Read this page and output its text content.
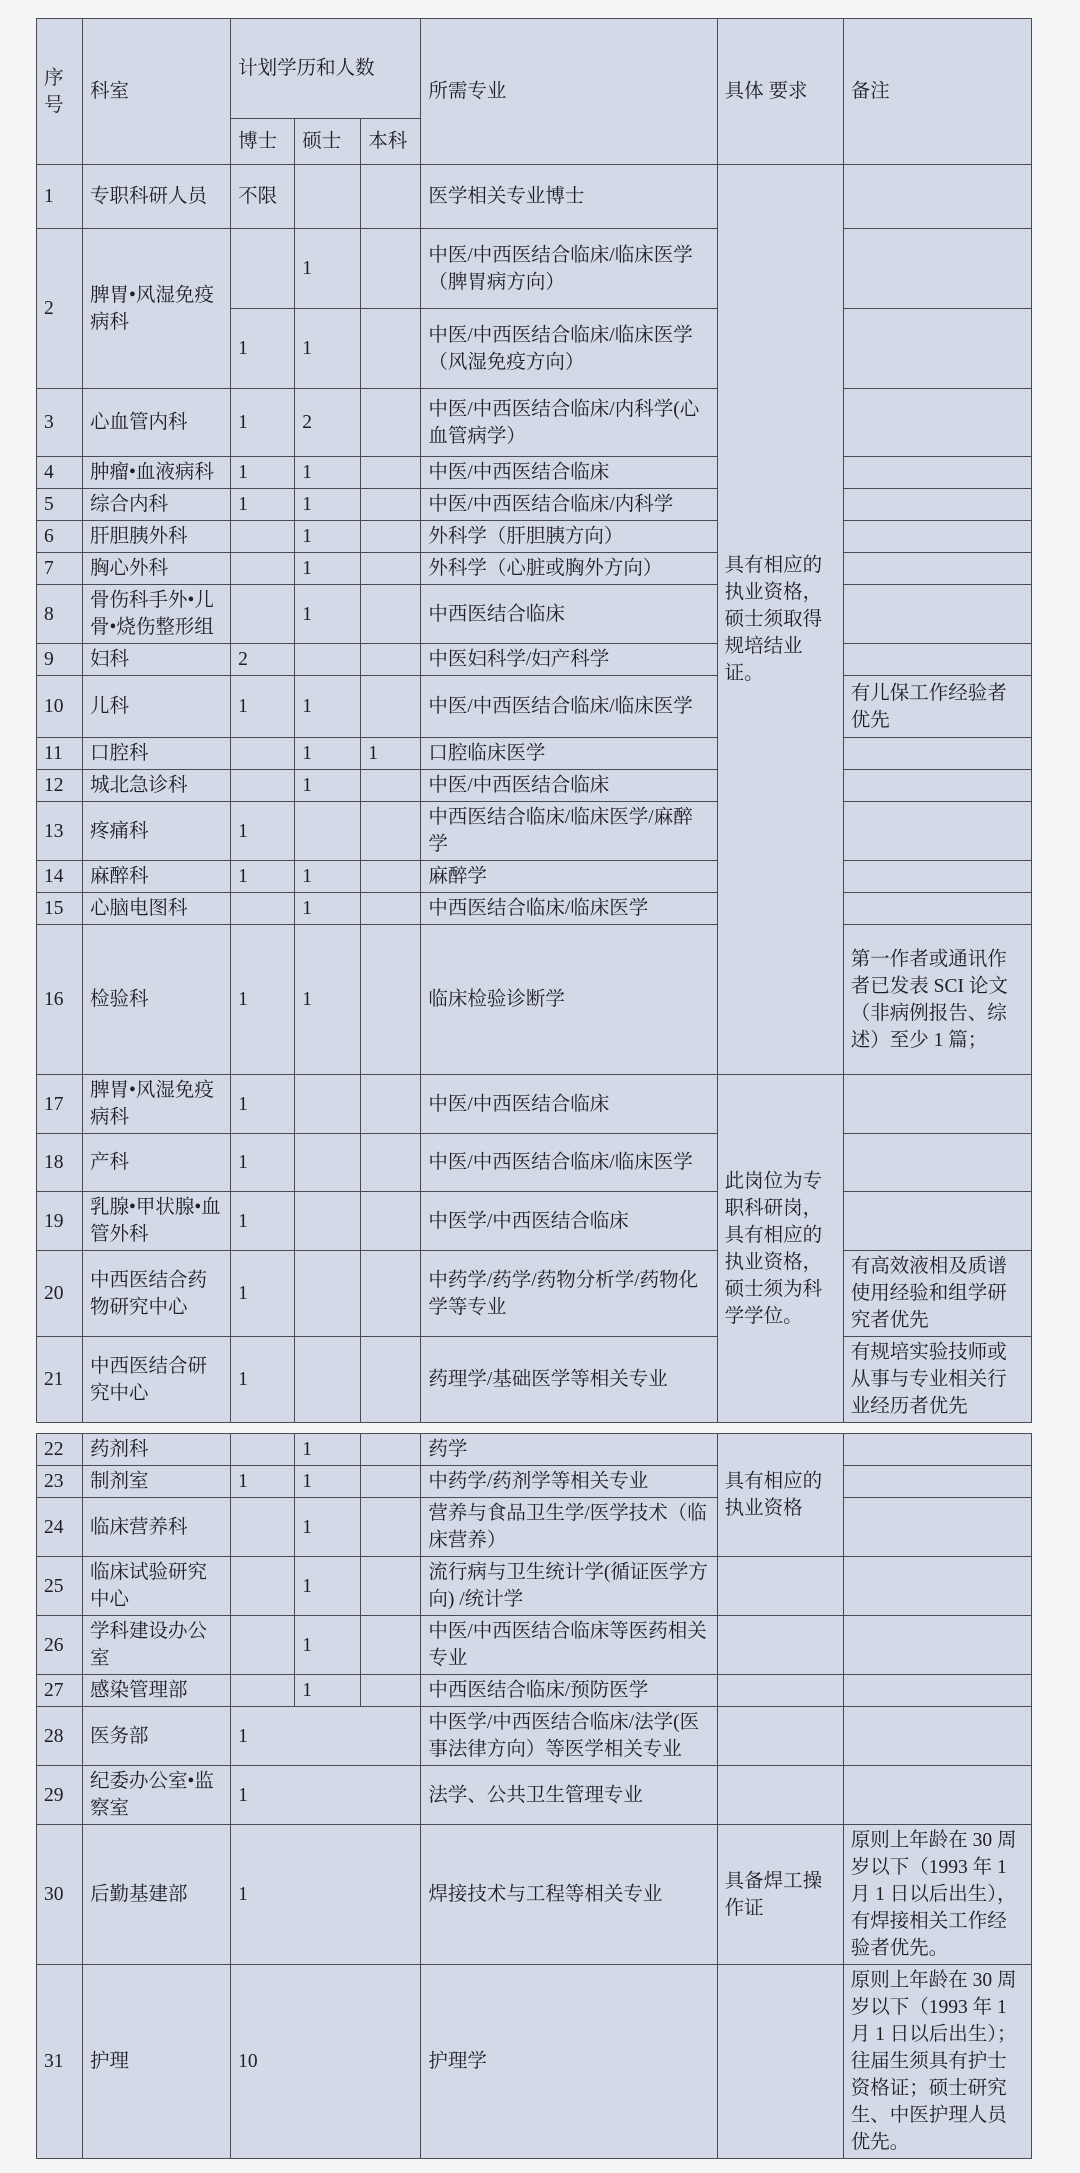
序号	科室	计划学历和人数			所需专业	具体 要求	备注
		博士	硕士	本科			
1	专职科研人员	不限			医学相关专业博士	具有相应的执业资格，硕士须取得规培结业证。	
2	脾胃•风湿免疫病科		1		中医/中西医结合临床/临床医学（脾胃病方向）		
		1	1		中医/中西医结合临床/临床医学（风湿免疫方向）		
3	心血管内科	1	2		中医/中西医结合临床/内科学(心血管病学）		
4	肿瘤•血液病科	1	1		中医/中西医结合临床		
5	综合内科	1	1		中医/中西医结合临床/内科学		
6	肝胆胰外科		1		外科学（肝胆胰方向）		
7	胸心外科		1		外科学（心脏或胸外方向）		
8	骨伤科手外•儿骨•烧伤整形组		1		中西医结合临床		
9	妇科	2			中医妇科学/妇产科学		
10	儿科	1	1		中医/中西医结合临床/临床医学		有儿保工作经验者优先
11	口腔科		1	1	口腔临床医学		
12	城北急诊科		1		中医/中西医结合临床		
13	疼痛科	1			中西医结合临床/临床医学/麻醉学		
14	麻醉科	1	1		麻醉学		
15	心脑电图科		1		中西医结合临床/临床医学		
16	检验科	1	1		临床检验诊断学		第一作者或通讯作者已发表 SCI 论文（非病例报告、综述）至少 1 篇；
17	脾胃•风湿免疫病科	1			中医/中西医结合临床	此岗位为专职科研岗，具有相应的执业资格，硕士须为科学学位。	
18	产科	1			中医/中西医结合临床/临床医学		
19	乳腺•甲状腺•血管外科	1			中医学/中西医结合临床		
20	中西医结合药物研究中心	1			中药学/药学/药物分析学/药物化学等专业		有高效液相及质谱使用经验和组学研究者优先
21	中西医结合研究中心	1			药理学/基础医学等相关专业		有规培实验技师或从事与专业相关行业经历者优先
22	药剂科		1		药学	具有相应的执业资格	
23	制剂室	1	1		中药学/药剂学等相关专业		
24	临床营养科		1		营养与食品卫生学/医学技术（临床营养）		
25	临床试验研究中心		1		流行病与卫生统计学(循证医学方向) /统计学		
26	学科建设办公室		1		中医/中西医结合临床等医药相关专业		
27	感染管理部		1		中西医结合临床/预防医学		
28	医务部	1			中医学/中西医结合临床/法学(医事法律方向）等医学相关专业		
29	纪委办公室•监察室	1			法学、公共卫生管理专业		
30	后勤基建部	1			焊接技术与工程等相关专业	具备焊工操作证	原则上年龄在 30 周岁以下（1993 年 1 月 1 日以后出生），有焊接相关工作经验者优先。
31	护理	10			护理学		原则上年龄在 30 周岁以下（1993 年 1 月 1 日以后出生）；往届生须具有护士资格证；硕士研究生、中医护理人员优先。
